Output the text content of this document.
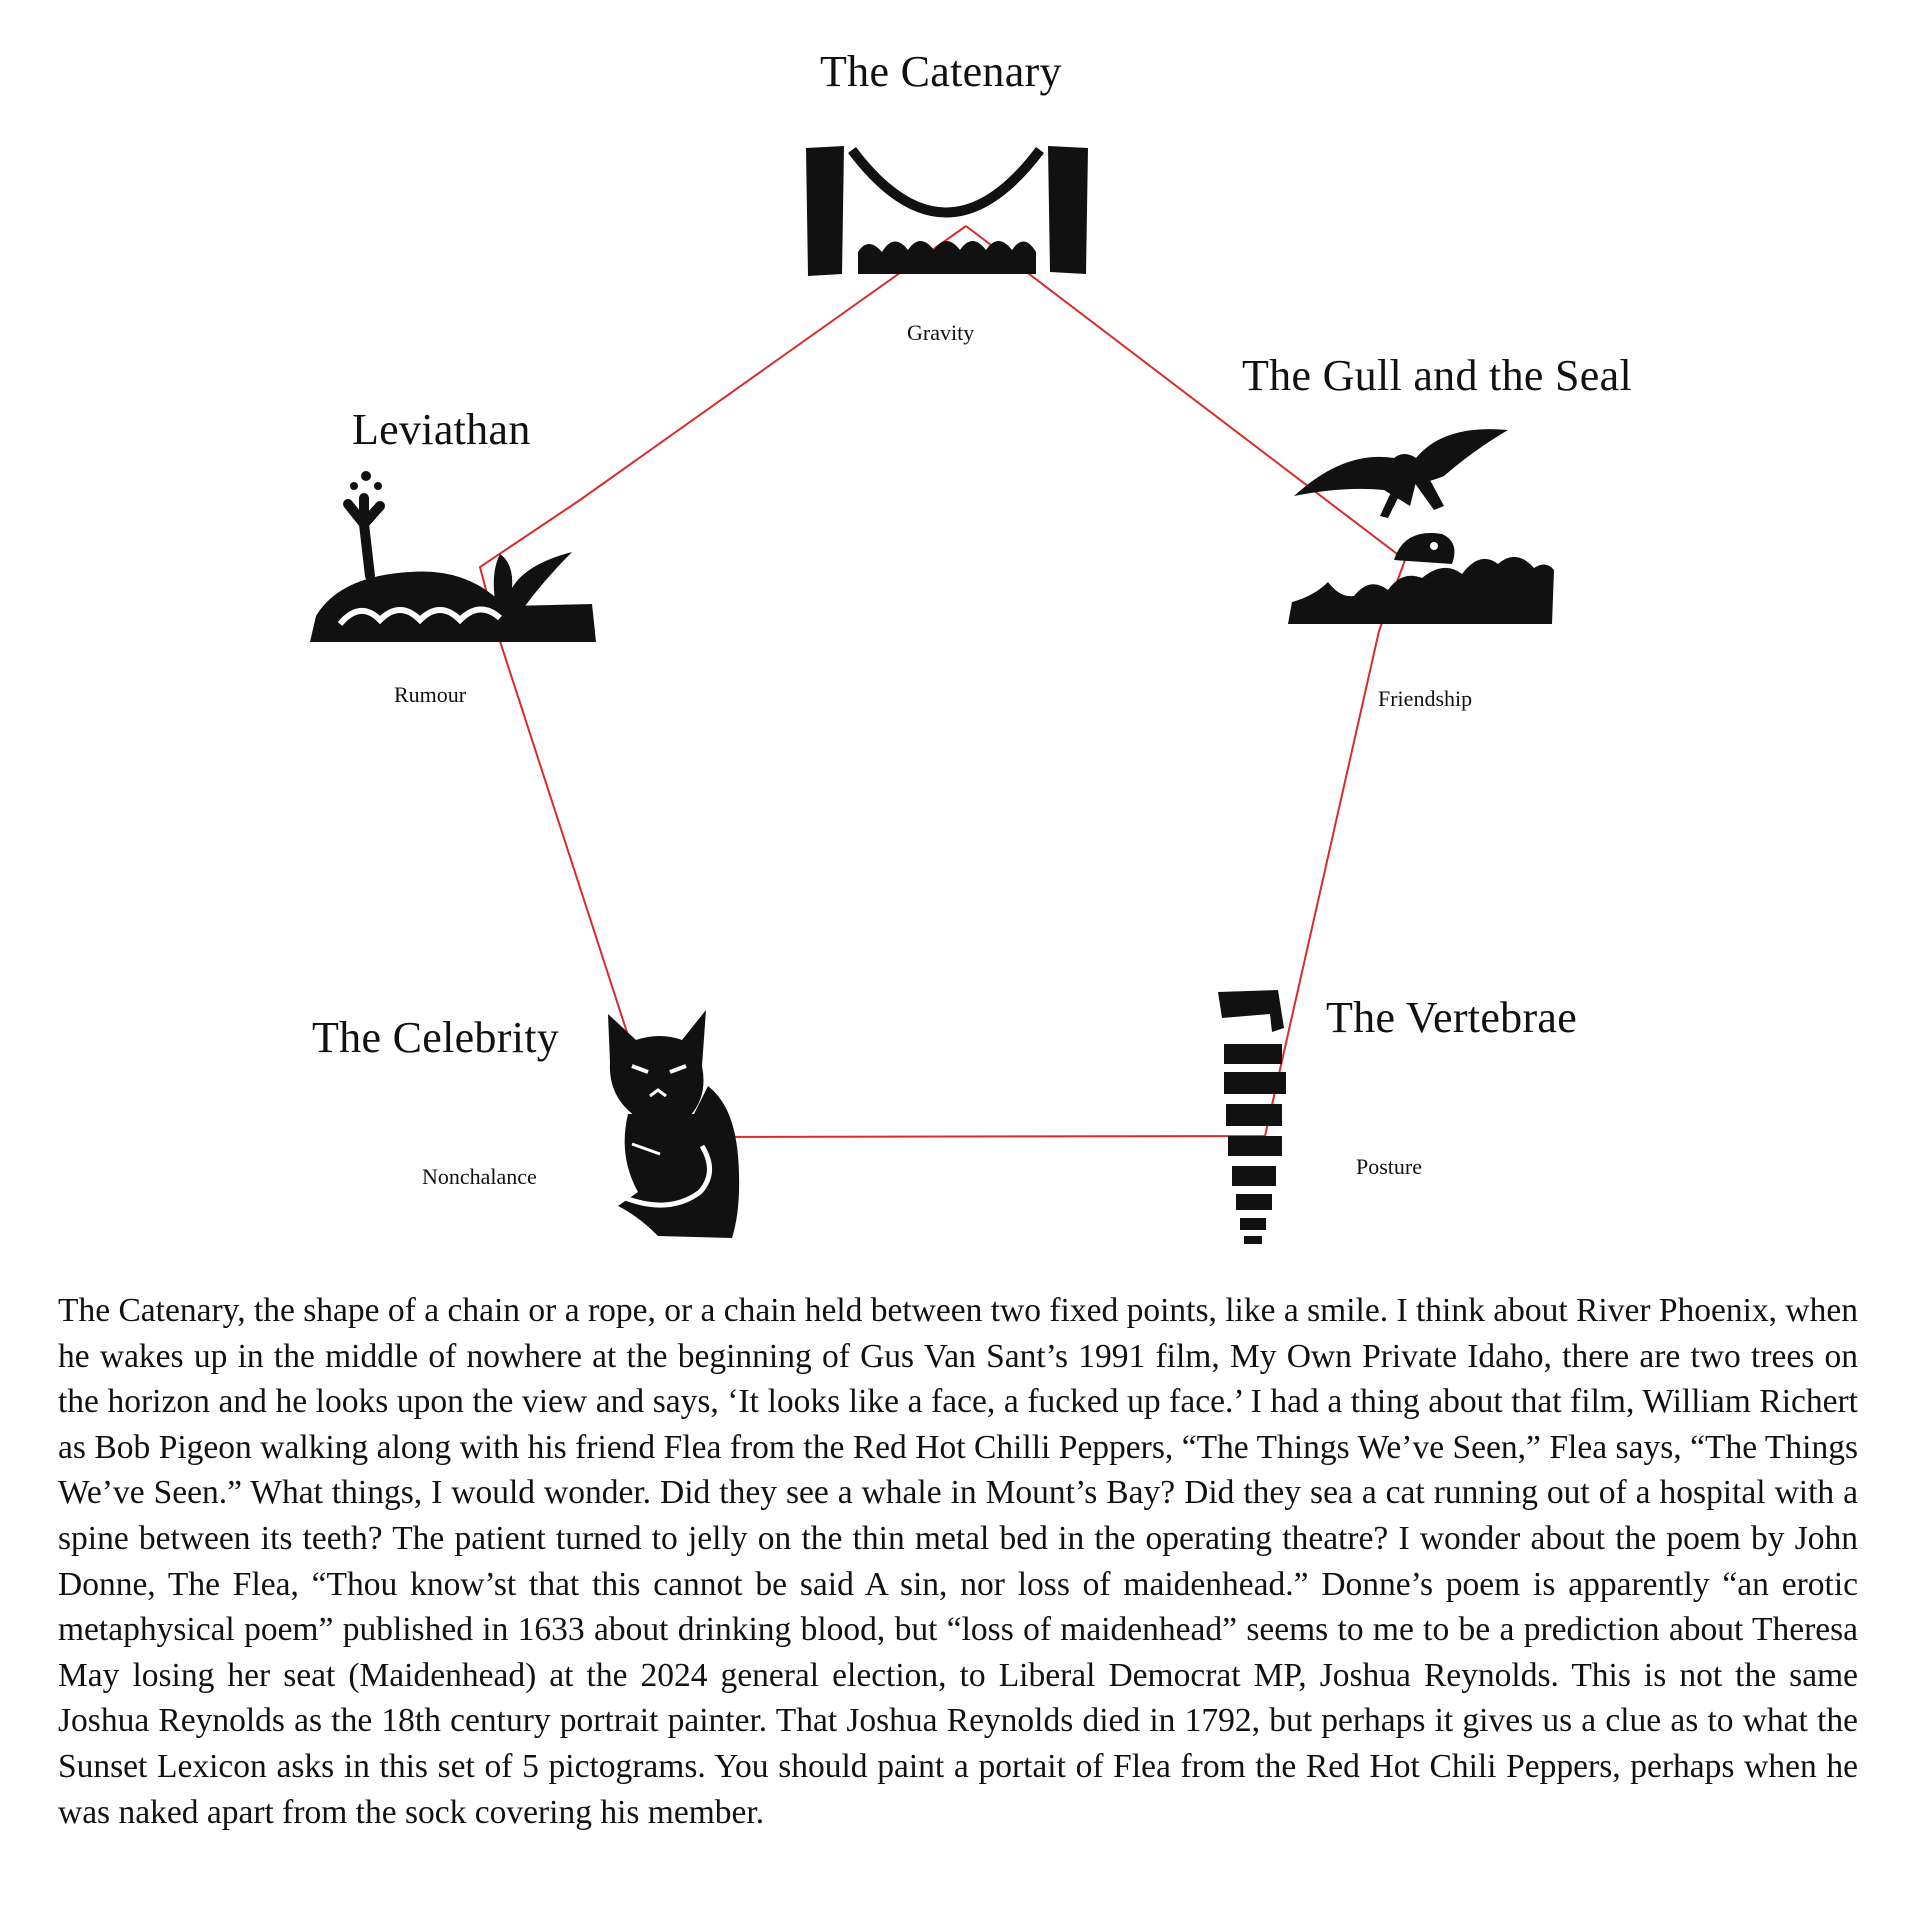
The Catenary
Gravity
The Gull and the Seal
Friendship
Leviathan
Rumour
The Vertebrae
Posture
The Celebrity
Nonchalance

The Catenary, the shape of a chain or a rope, or a chain held between two fixed points, like a smile. I think about River Phoenix, when he wakes up in the middle of nowhere at the beginning of Gus Van Sant’s 1991 film, My Own Private Idaho, there are two trees on the horizon and he looks upon the view and says, ‘It looks like a face, a fucked up face.’ I had a thing about that film, William Richert as Bob Pigeon walking along with his friend Flea from the Red Hot Chilli Peppers, “The Things We’ve Seen,” Flea says, “The Things We’ve Seen.” What things, I would wonder. Did they see a whale in Mount’s Bay? Did they sea a cat running out of a hospital with a spine between its teeth? The patient turned to jelly on the thin metal bed in the operating theatre? I wonder about the poem by John Donne, The Flea, “Thou know’st that this cannot be said A sin, nor loss of maidenhead.” Donne’s poem is apparently “an erotic metaphysical poem” published in 1633 about drinking blood, but “loss of maidenhead” seems to me to be a prediction about Theresa May losing her seat (Maidenhead) at the 2024 general election, to Liberal Democrat MP, Joshua Reynolds. This is not the same Joshua Reynolds as the 18th century portrait painter. That Joshua Reynolds died in 1792, but perhaps it gives us a clue as to what the Sunset Lexicon asks in this set of 5 pictograms. You should paint a portait of Flea from the Red Hot Chili Peppers, perhaps when he was naked apart from the sock covering his member.
